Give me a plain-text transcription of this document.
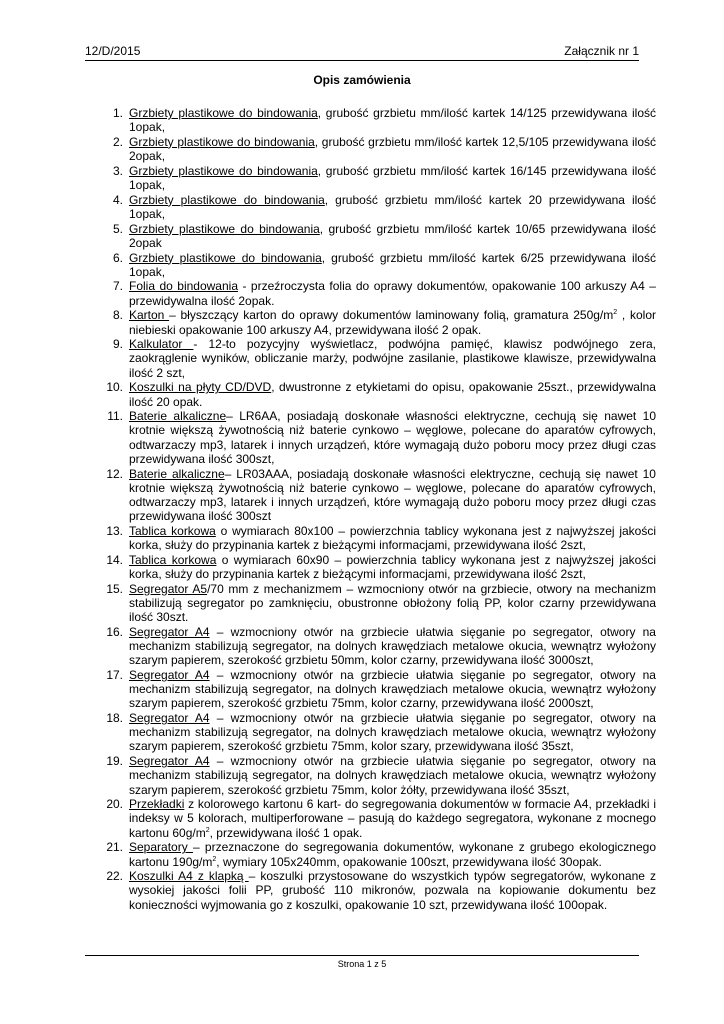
12/D/2015	Załącznik nr 1
Opis zamówienia
1. Grzbiety plastikowe do bindowania, grubość grzbietu mm/ilość kartek 14/125 przewidywana ilość 1opak,
2. Grzbiety plastikowe do bindowania, grubość grzbietu mm/ilość kartek 12,5/105 przewidywana ilość 2opak,
3. Grzbiety plastikowe do bindowania, grubość grzbietu mm/ilość kartek 16/145 przewidywana ilość 1opak,
4. Grzbiety plastikowe do bindowania, grubość grzbietu mm/ilość kartek 20 przewidywana ilość 1opak,
5. Grzbiety plastikowe do bindowania, grubość grzbietu mm/ilość kartek 10/65 przewidywana ilość 2opak
6. Grzbiety plastikowe do bindowania, grubość grzbietu mm/ilość kartek 6/25 przewidywana ilość 1opak,
7. Folia do bindowania - przeźroczysta folia do oprawy dokumentów, opakowanie 100 arkuszy A4 – przewidywalna ilość 2opak.
8. Karton – błyszczący karton do oprawy dokumentów laminowany folią, gramatura $250g/m^2$ , kolor niebieski opakowanie 100 arkuszy A4, przewidywana ilość 2 opak.
9. Kalkulator - 12-to pozycyjny wyświetlacz, podwójna pamięć, klawisz podwójnego zera, zaokrąglenie wyników, obliczanie marży, podwójne zasilanie, plastikowe klawisze, przewidywalna ilość 2 szt,
10. Koszulki na płyty CD/DVD, dwustronne z etykietami do opisu, opakowanie 25szt., przewidywalna ilość 20 opak.
11. Baterie alkaliczne– LR6AA, posiadają doskonałe własności elektryczne, cechują się nawet 10 krotnie większą żywotnością niż baterie cynkowo – węglowe, polecane do aparatów cyfrowych, odtwarzaczy mp3, latarek i innych urządzeń, które wymagają dużo poboru mocy przez długi czas przewidywana ilość 300szt,
12. Baterie alkaliczne– LR03AAA, posiadają doskonałe własności elektryczne, cechują się nawet 10 krotnie większą żywotnością niż baterie cynkowo – węglowe, polecane do aparatów cyfrowych, odtwarzaczy mp3, latarek i innych urządzeń, które wymagają dużo poboru mocy przez długi czas przewidywana ilość 300szt
13. Tablica korkowa o wymiarach 80x100 – powierzchnia tablicy wykonana jest z najwyższej jakości korka, służy do przypinania kartek z bieżącymi informacjami, przewidywana ilość 2szt,
14. Tablica korkowa o wymiarach 60x90 – powierzchnia tablicy wykonana jest z najwyższej jakości korka, służy do przypinania kartek z bieżącymi informacjami, przewidywana ilość 2szt,
15. Segregator A5/70 mm z mechanizmem – wzmocniony otwór na grzbiecie, otwory na mechanizm stabilizują segregator po zamknięciu, obustronne obłożony folią PP, kolor czarny przewidywana ilość 30szt.
16. Segregator A4 – wzmocniony otwór na grzbiecie ułatwia sięganie po segregator, otwory na mechanizm stabilizują segregator, na dolnych krawędziach metalowe okucia, wewnątrz wyłożony szarym papierem, szerokość grzbietu 50mm, kolor czarny, przewidywana ilość 3000szt,
17. Segregator A4 – wzmocniony otwór na grzbiecie ułatwia sięganie po segregator, otwory na mechanizm stabilizują segregator, na dolnych krawędziach metalowe okucia, wewnątrz wyłożony szarym papierem, szerokość grzbietu 75mm, kolor czarny, przewidywana ilość 2000szt,
18. Segregator A4 – wzmocniony otwór na grzbiecie ułatwia sięganie po segregator, otwory na mechanizm stabilizują segregator, na dolnych krawędziach metalowe okucia, wewnątrz wyłożony szarym papierem, szerokość grzbietu 75mm, kolor szary, przewidywana ilość 35szt,
19. Segregator A4 – wzmocniony otwór na grzbiecie ułatwia sięganie po segregator, otwory na mechanizm stabilizują segregator, na dolnych krawędziach metalowe okucia, wewnątrz wyłożony szarym papierem, szerokość grzbietu 75mm, kolor żółty, przewidywana ilość 35szt,
20. Przekładki z kolorowego kartonu 6 kart- do segregowania dokumentów w formacie A4, przekładki i indeksy w 5 kolorach, multiperforowane – pasują do każdego segregatora, wykonane z mocnego kartonu $60g/m^2$, przewidywana ilość 1 opak.
21. Separatory – przeznaczone do segregowania dokumentów, wykonane z grubego ekologicznego kartonu $190g/m^2$, wymiary 105x240mm, opakowanie 100szt, przewidywana ilość 30opak.
22. Koszulki A4 z klapką – koszulki przystosowane do wszystkich typów segregatorów, wykonane z wysokiej jakości folii PP, grubość 110 mikronów, pozwala na kopiowanie dokumentu bez konieczności wyjmowania go z koszulki, opakowanie 10 szt, przewidywana ilość 100opak.
Strona 1 z 5
